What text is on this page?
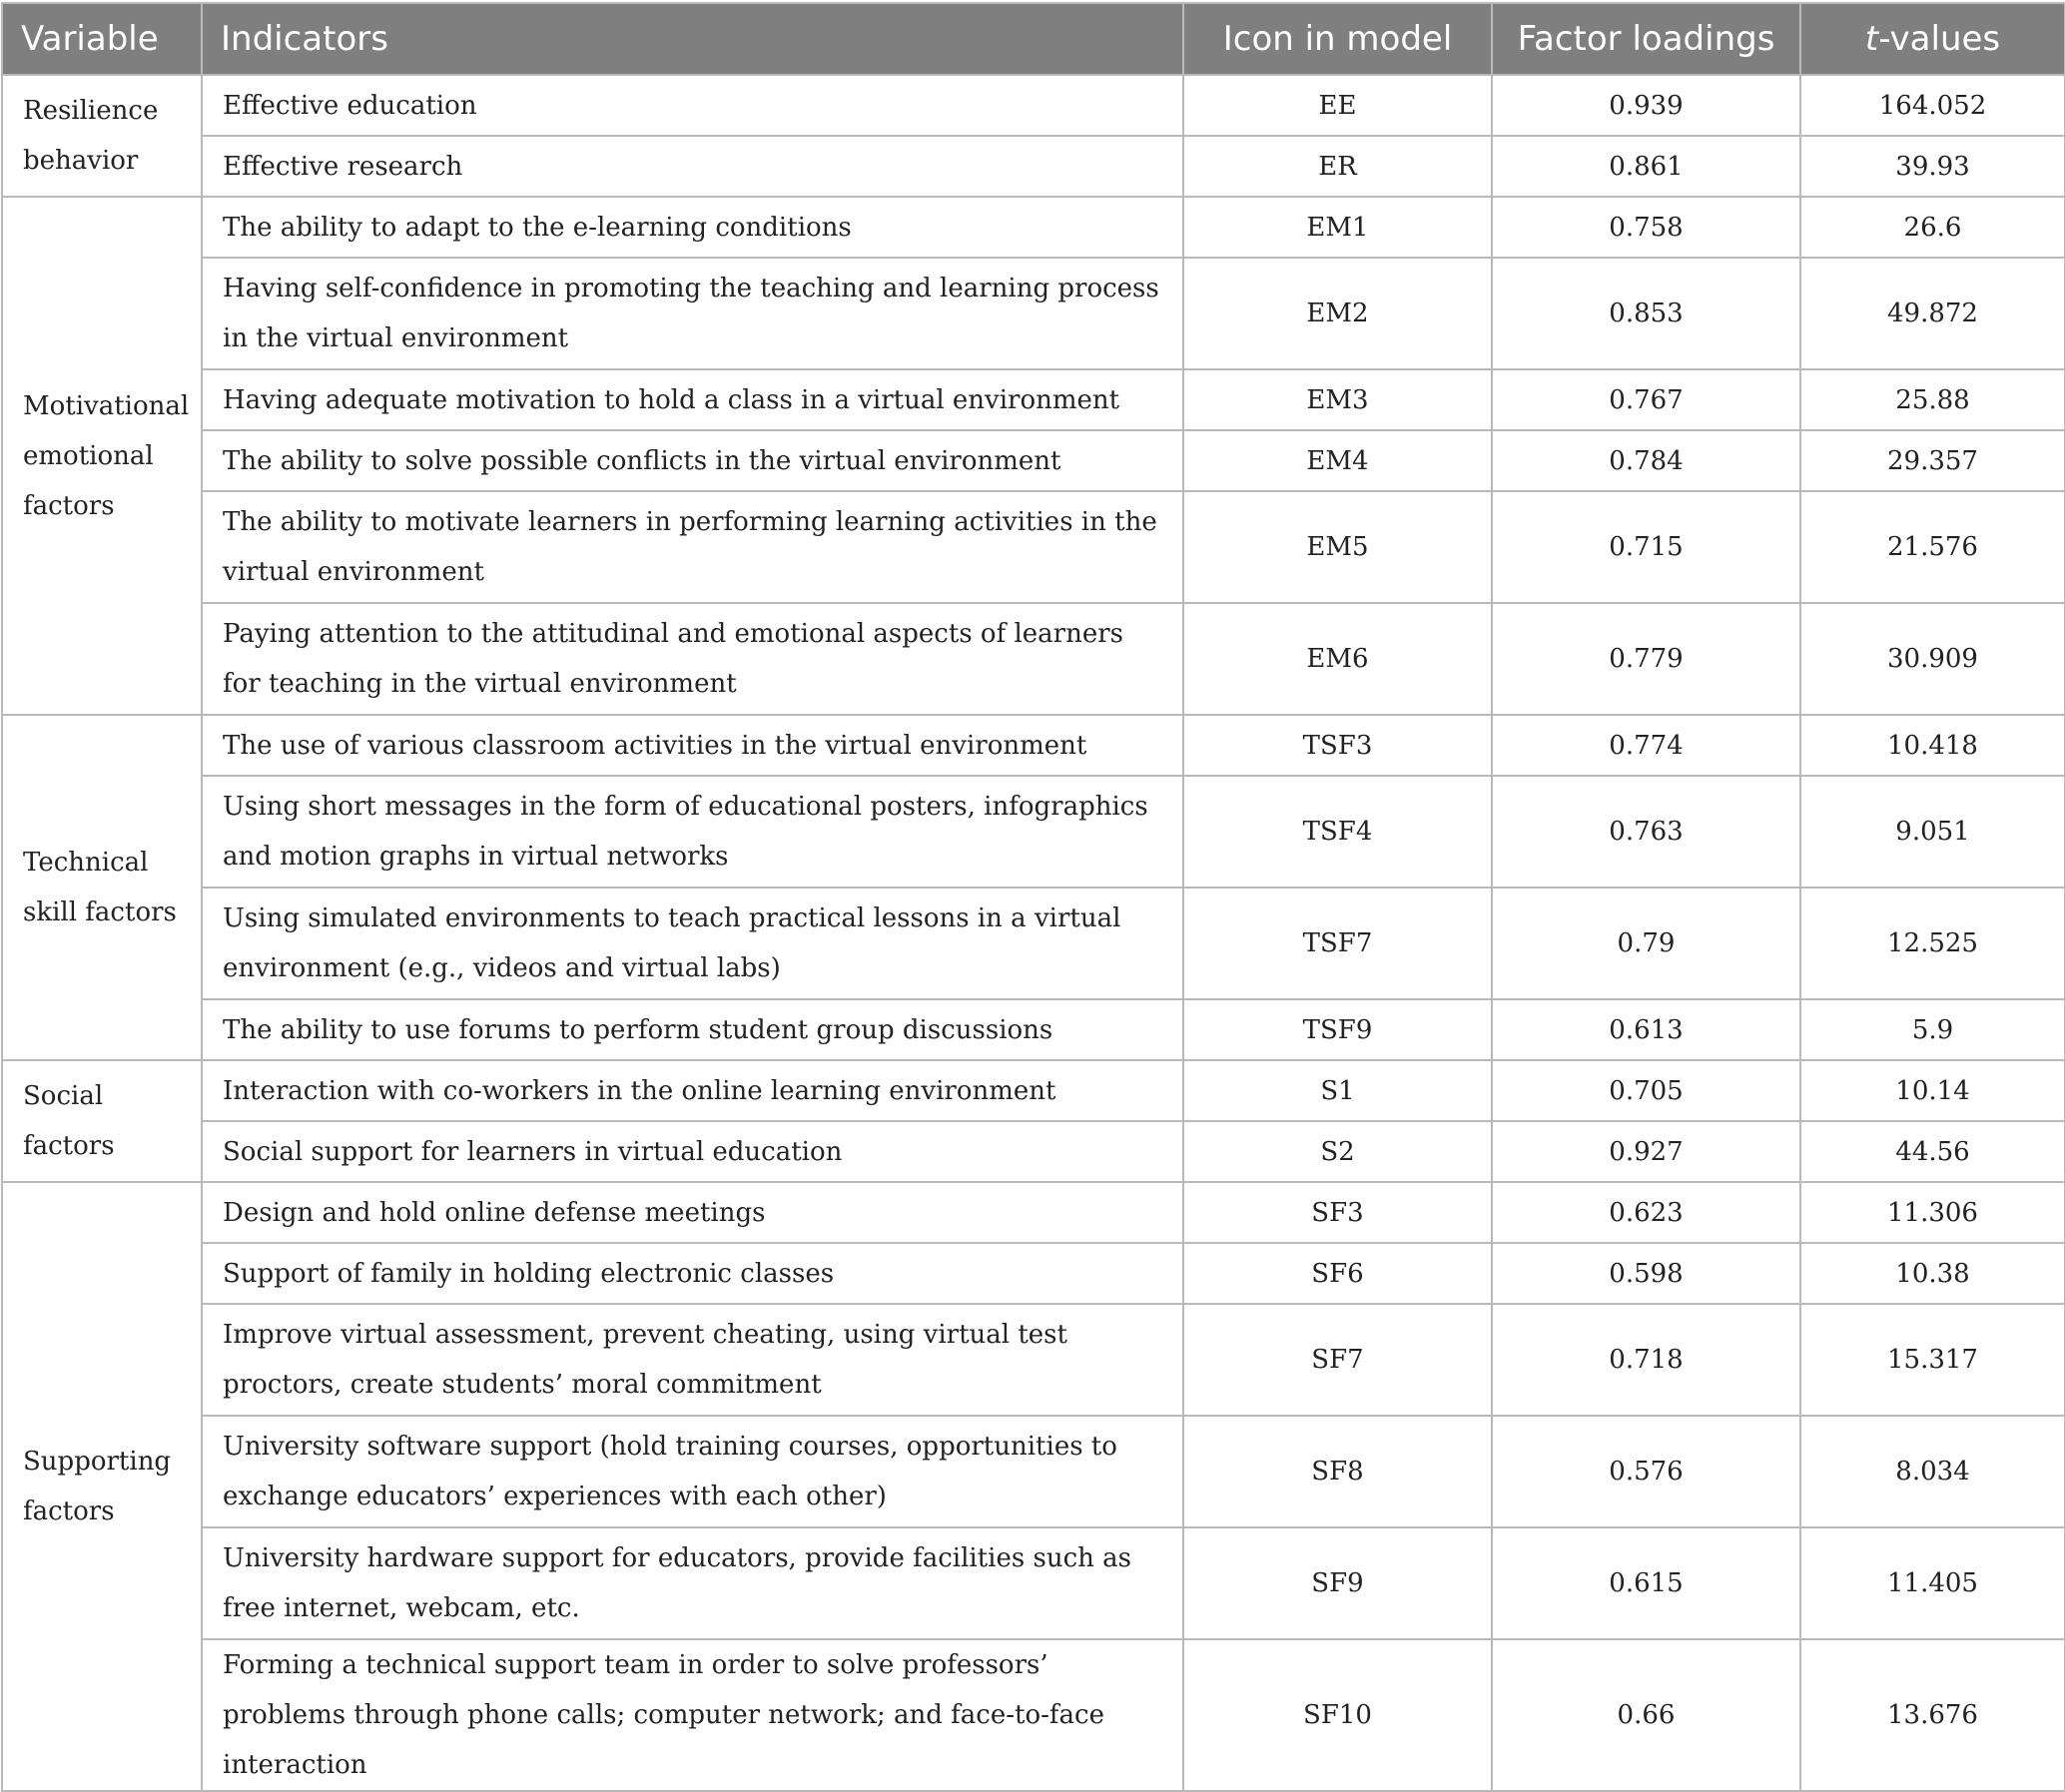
Variable	Indicators	Icon in model	Factor loadings	t-values
Resilience behavior	Effective education	EE	0.939	164.052
	Effective research	ER	0.861	39.93
Motivational emotional factors	The ability to adapt to the e-learning conditions	EM1	0.758	26.6
	Having self-confidence in promoting the teaching and learning process in the virtual environment	EM2	0.853	49.872
	Having adequate motivation to hold a class in a virtual environment	EM3	0.767	25.88
	The ability to solve possible conflicts in the virtual environment	EM4	0.784	29.357
	The ability to motivate learners in performing learning activities in the virtual environment	EM5	0.715	21.576
	Paying attention to the attitudinal and emotional aspects of learners for teaching in the virtual environment	EM6	0.779	30.909
Technical skill factors	The use of various classroom activities in the virtual environment	TSF3	0.774	10.418
	Using short messages in the form of educational posters, infographics and motion graphs in virtual networks	TSF4	0.763	9.051
	Using simulated environments to teach practical lessons in a virtual environment (e.g., videos and virtual labs)	TSF7	0.79	12.525
	The ability to use forums to perform student group discussions	TSF9	0.613	5.9
Social factors	Interaction with co-workers in the online learning environment	S1	0.705	10.14
	Social support for learners in virtual education	S2	0.927	44.56
Supporting factors	Design and hold online defense meetings	SF3	0.623	11.306
	Support of family in holding electronic classes	SF6	0.598	10.38
	Improve virtual assessment, prevent cheating, using virtual test proctors, create students’ moral commitment	SF7	0.718	15.317
	University software support (hold training courses, opportunities to exchange educators’ experiences with each other)	SF8	0.576	8.034
	University hardware support for educators, provide facilities such as free internet, webcam, etc.	SF9	0.615	11.405
	Forming a technical support team in order to solve professors’ problems through phone calls; computer network; and face-to-face interaction	SF10	0.66	13.676
